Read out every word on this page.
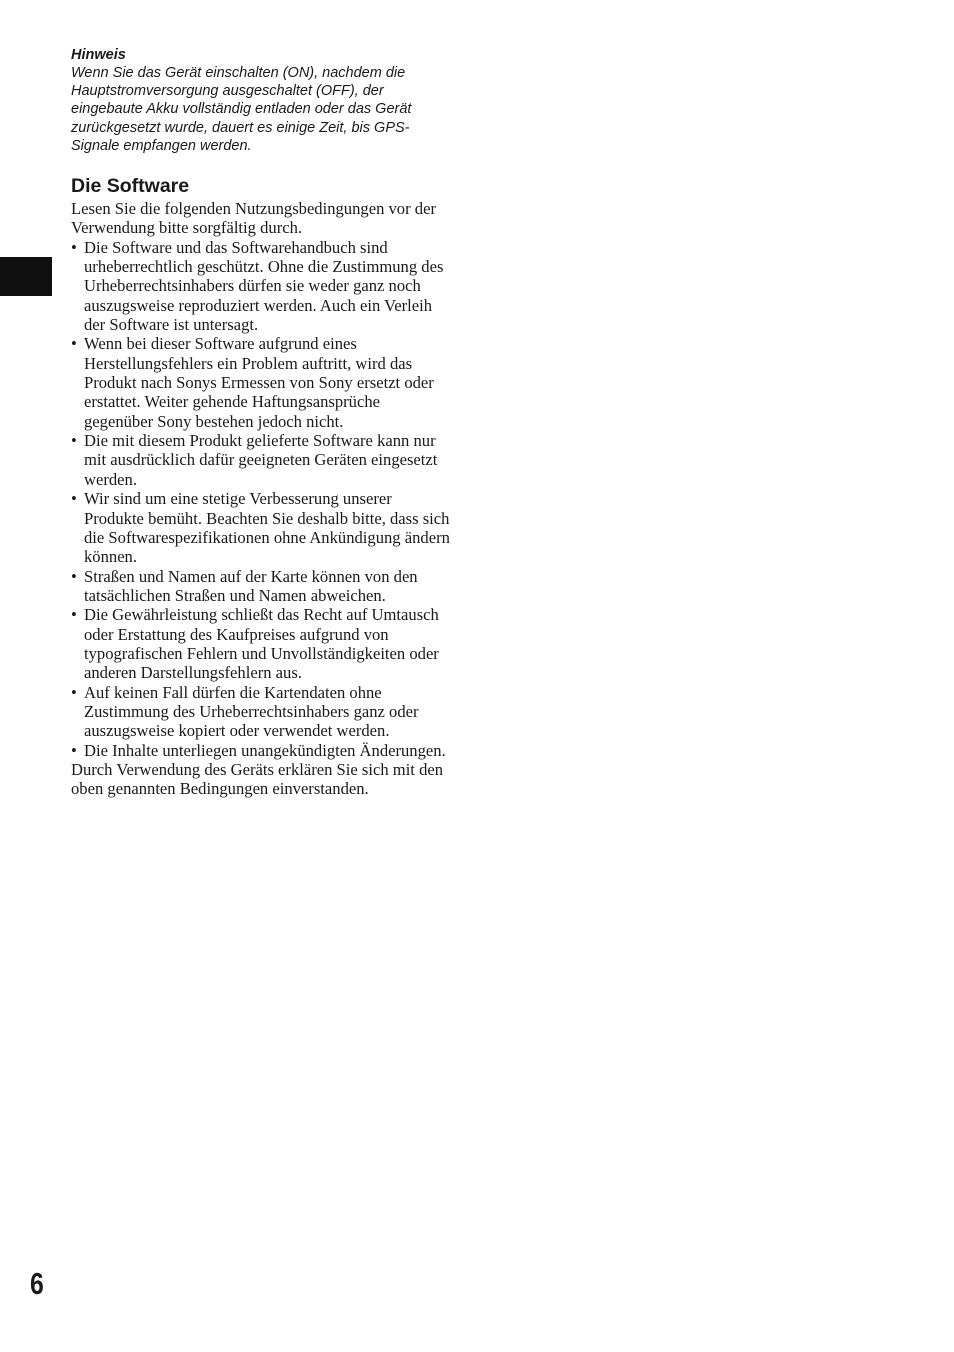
Hinweis

Wenn Sie das Gerät einschalten (ON), nachdem die Hauptstromversorgung ausgeschaltet (OFF), der eingebaute Akku vollständig entladen oder das Gerät zurückgesetzt wurde, dauert es einige Zeit, bis GPS-Signale empfangen werden.

Die Software

Lesen Sie die folgenden Nutzungsbedingungen vor der Verwendung bitte sorgfältig durch.

• Die Software und das Softwarehandbuch sind urheberrechtlich geschützt. Ohne die Zustimmung des Urheberrechtsinhabers dürfen sie weder ganz noch auszugsweise reproduziert werden. Auch ein Verleih der Software ist untersagt.
• Wenn bei dieser Software aufgrund eines Herstellungsfehlers ein Problem auftritt, wird das Produkt nach Sonys Ermessen von Sony ersetzt oder erstattet. Weiter gehende Haftungsansprüche gegenüber Sony bestehen jedoch nicht.
• Die mit diesem Produkt gelieferte Software kann nur mit ausdrücklich dafür geeigneten Geräten eingesetzt werden.
• Wir sind um eine stetige Verbesserung unserer Produkte bemüht. Beachten Sie deshalb bitte, dass sich die Softwarespezifikationen ohne Ankündigung ändern können.
• Straßen und Namen auf der Karte können von den tatsächlichen Straßen und Namen abweichen.
• Die Gewährleistung schließt das Recht auf Umtausch oder Erstattung des Kaufpreises aufgrund von typografischen Fehlern und Unvollständigkeiten oder anderen Darstellungsfehlern aus.
• Auf keinen Fall dürfen die Kartendaten ohne Zustimmung des Urheberrechtsinhabers ganz oder auszugsweise kopiert oder verwendet werden.
• Die Inhalte unterliegen unangekündigten Änderungen.

Durch Verwendung des Geräts erklären Sie sich mit den oben genannten Bedingungen einverstanden.

6
